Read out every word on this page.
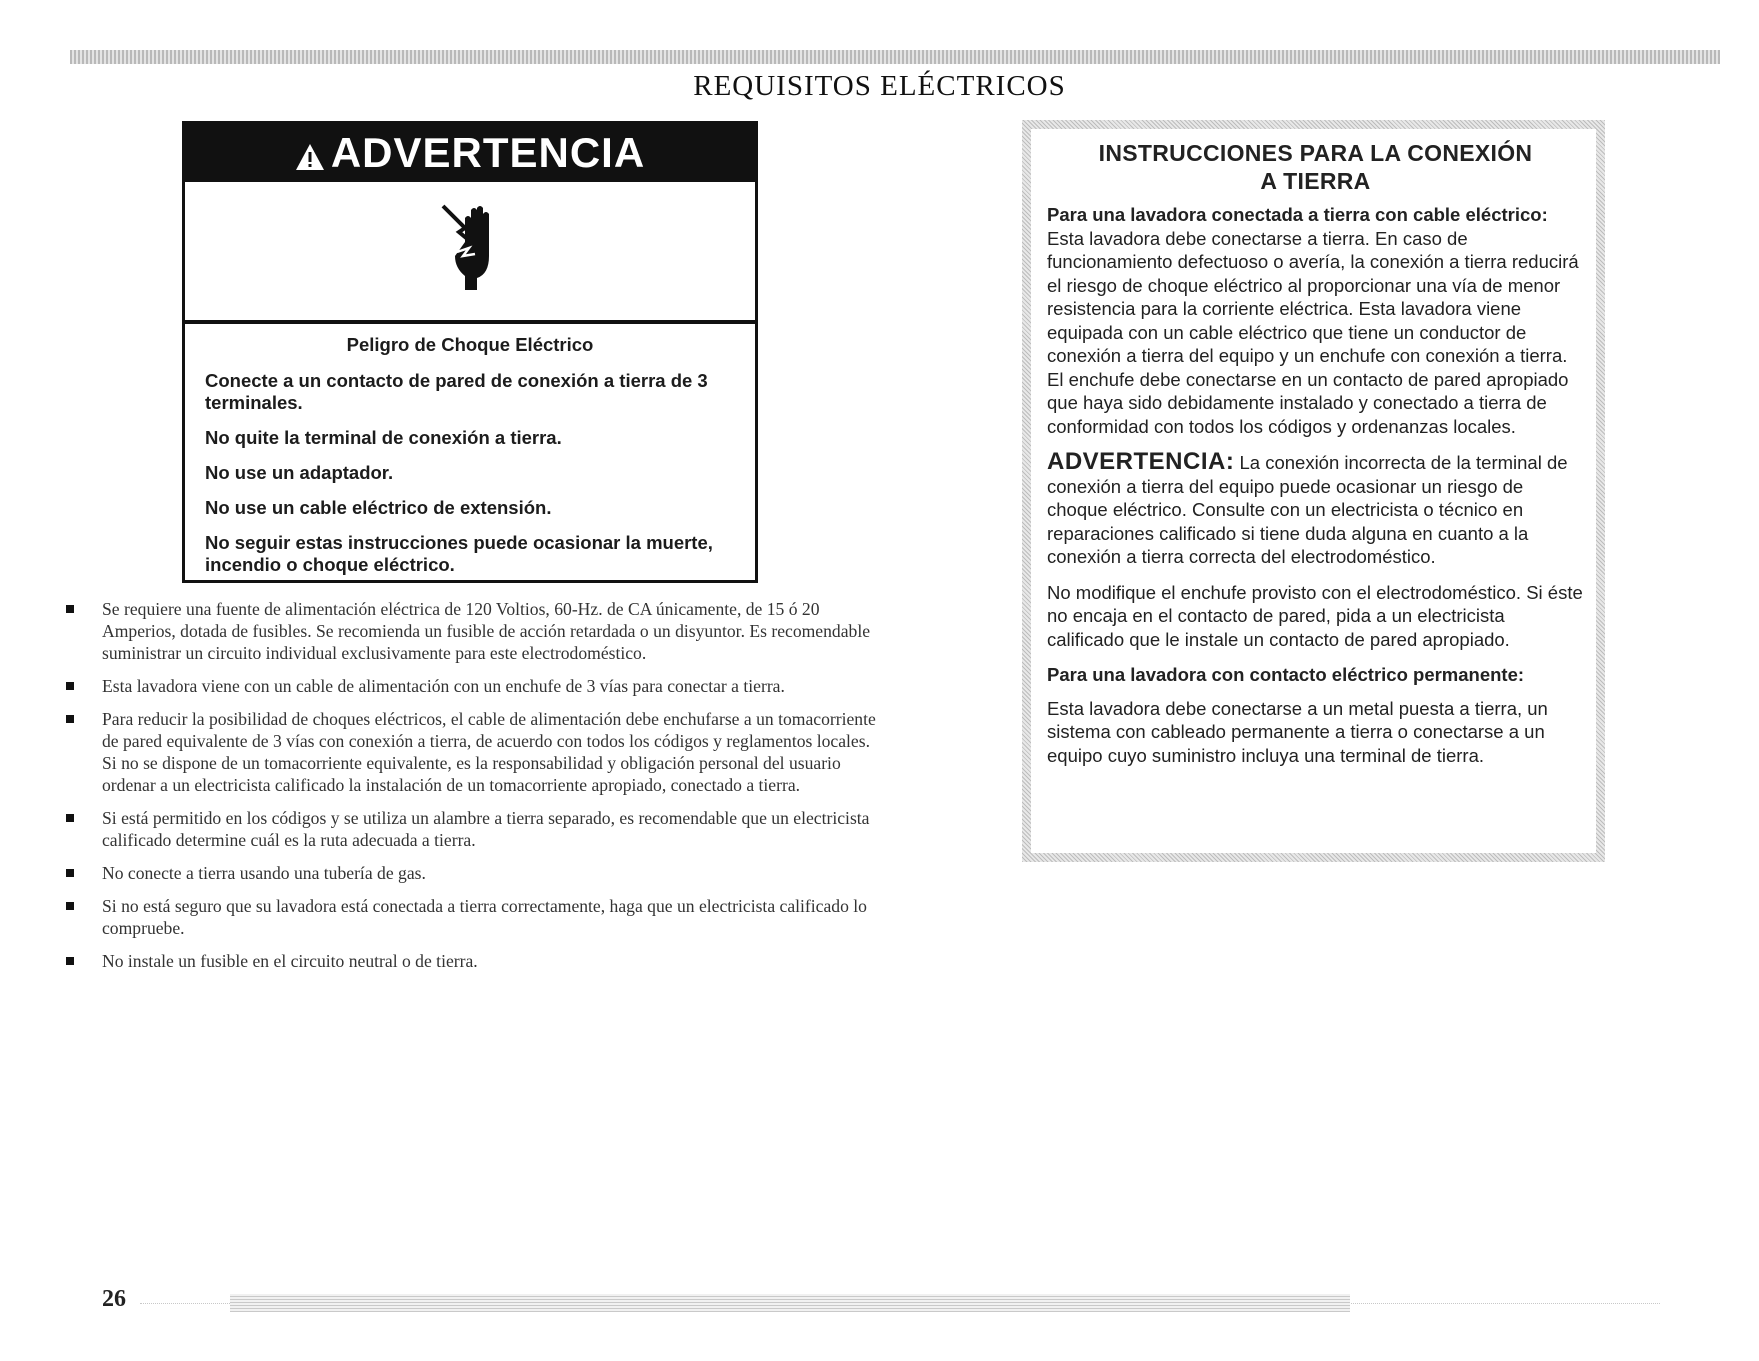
REQUISITOS ELÉCTRICOS
ADVERTENCIA
Peligro de Choque Eléctrico

Conecte a un contacto de pared de conexión a tierra de 3 terminales.

No quite la terminal de conexión a tierra.

No use un adaptador.

No use un cable eléctrico de extensión.

No seguir estas instrucciones puede ocasionar la muerte, incendio o choque eléctrico.

Se requiere una fuente de alimentación eléctrica de 120 Voltios, 60-Hz. de CA únicamente, de 15 ó 20 Amperios, dotada de fusibles. Se recomienda un fusible de acción retardada o un disyuntor. Es recomendable suministrar un circuito individual exclusivamente para este electrodoméstico.
Esta lavadora viene con un cable de alimentación con un enchufe de 3 vías para conectar a tierra.
Para reducir la posibilidad de choques eléctricos, el cable de alimentación debe enchufarse a un tomacorriente de pared equivalente de 3 vías con conexión a tierra, de acuerdo con todos los códigos y reglamentos locales. Si no se dispone de un tomacorriente equivalente, es la responsabilidad y obligación personal del usuario ordenar a un electricista calificado la instalación de un tomacorriente apropiado, conectado a tierra.
Si está permitido en los códigos y se utiliza un alambre a tierra separado, es recomendable que un electricista calificado determine cuál es la ruta adecuada a tierra.
No conecte a tierra usando una tubería de gas.
Si no está seguro que su lavadora está conectada a tierra correctamente, haga que un electricista calificado lo compruebe.
No instale un fusible en el circuito neutral o de tierra.
INSTRUCCIONES PARA LA CONEXIÓN
A TIERRA
Para una lavadora conectada a tierra con cable eléctrico:

Esta lavadora debe conectarse a tierra. En caso de funcionamiento defectuoso o avería, la conexión a tierra reducirá el riesgo de choque eléctrico al proporcionar una vía de menor resistencia para la corriente eléctrica. Esta lavadora viene equipada con un cable eléctrico que tiene un conductor de conexión a tierra del equipo y un enchufe con conexión a tierra. El enchufe debe conectarse en un contacto de pared apropiado que haya sido debidamente instalado y conectado a tierra de conformidad con todos los códigos y ordenanzas locales.

ADVERTENCIA: La conexión incorrecta de la terminal de conexión a tierra del equipo puede ocasionar un riesgo de choque eléctrico. Consulte con un electricista o técnico en reparaciones calificado si tiene duda alguna en cuanto a la conexión a tierra correcta del electrodoméstico.

No modifique el enchufe provisto con el electrodoméstico. Si éste no encaja en el contacto de pared, pida a un electricista calificado que le instale un contacto de pared apropiado.

Para una lavadora con contacto eléctrico permanente:

Esta lavadora debe conectarse a un metal puesta a tierra, un sistema con cableado permanente a tierra o conectarse a un equipo cuyo suministro incluya una terminal de tierra.

26
